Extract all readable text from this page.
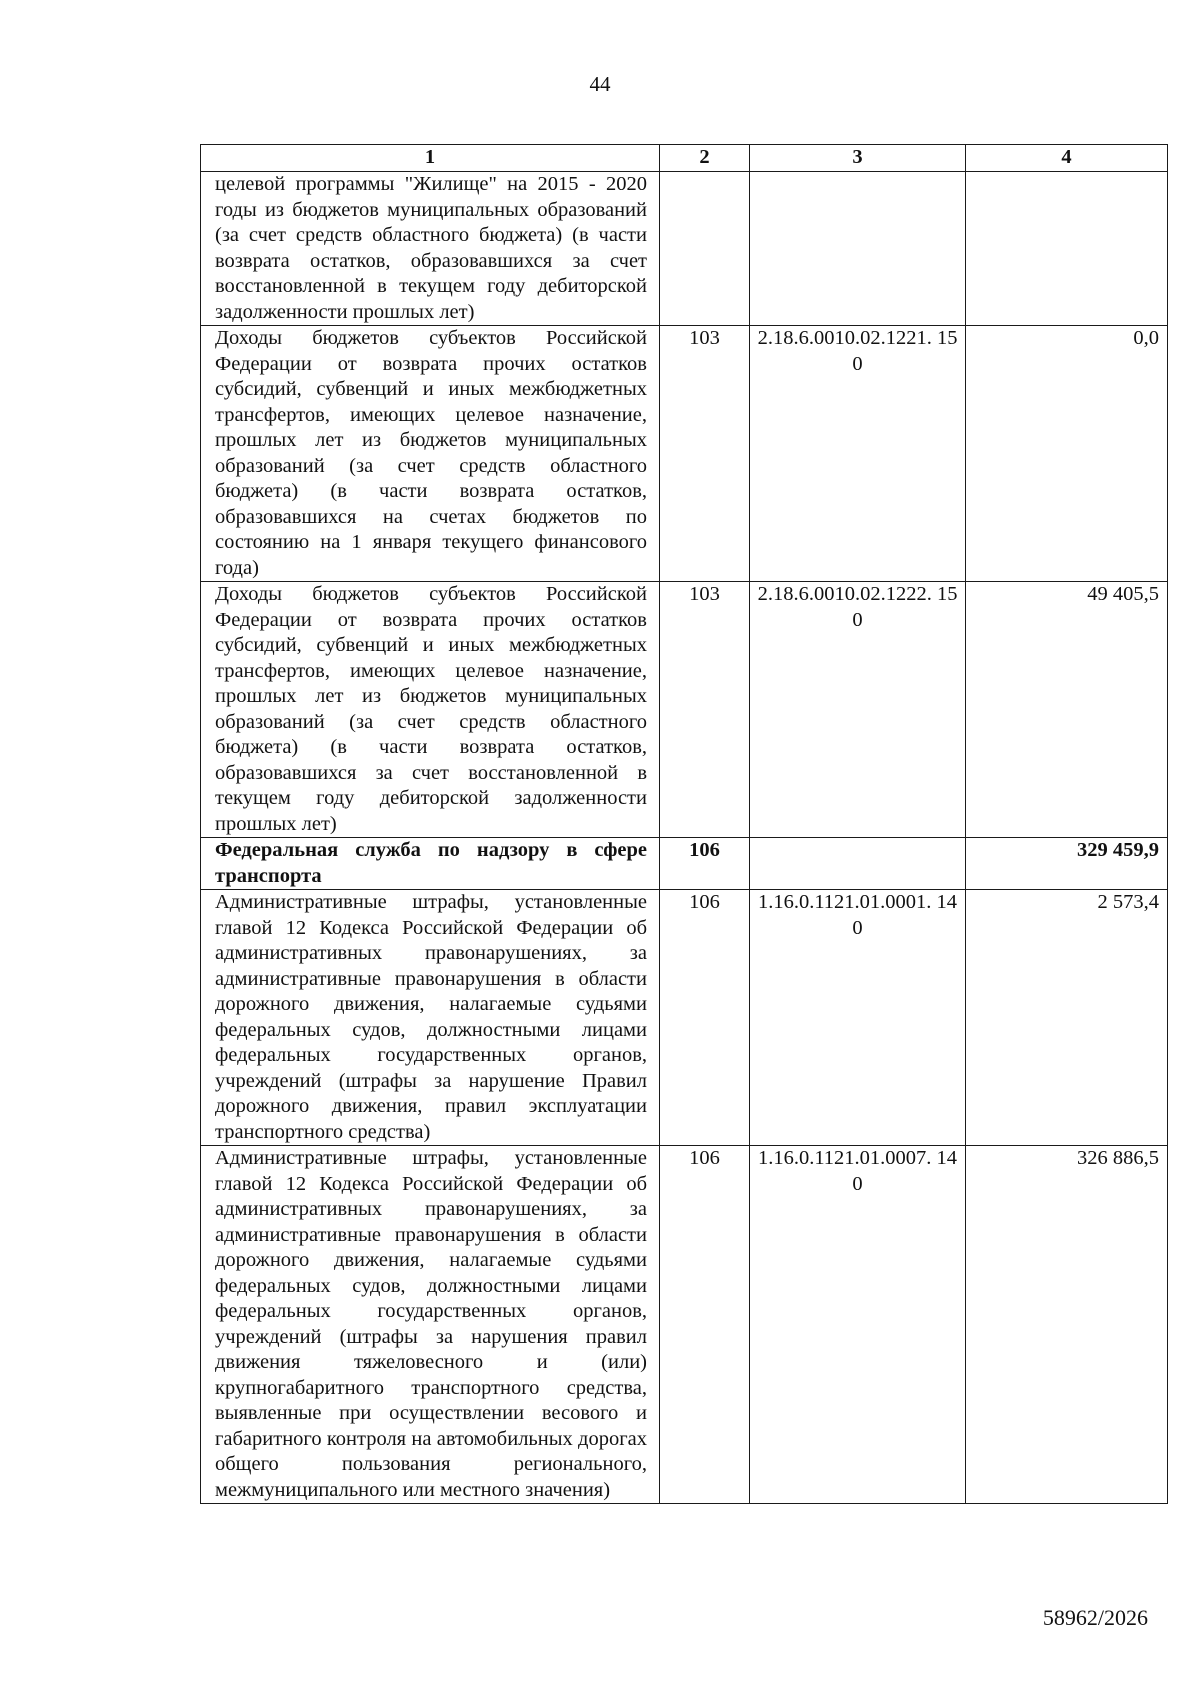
44
1	2	3	4
целевой программы "Жилище" на 2015 - 2020 годы из бюджетов муниципальных образований (за счет средств областного бюджета) (в части возврата остатков, образовавшихся за счет восстановленной в текущем году дебиторской задолженности прошлых лет)			
Доходы бюджетов субъектов Российской Федерации от возврата прочих остатков субсидий, субвенций и иных межбюджетных трансфертов, имеющих целевое назначение, прошлых лет из бюджетов муниципальных образований (за счет средств областного бюджета) (в части возврата остатков, образовавшихся на счетах бюджетов по состоянию на 1 января текущего финансового года)	103	2.18.6.0010.02.1221. 150	0,0
Доходы бюджетов субъектов Российской Федерации от возврата прочих остатков субсидий, субвенций и иных межбюджетных трансфертов, имеющих целевое назначение, прошлых лет из бюджетов муниципальных образований (за счет средств областного бюджета) (в части возврата остатков, образовавшихся за счет восстановленной в текущем году дебиторской задолженности прошлых лет)	103	2.18.6.0010.02.1222. 150	49 405,5
Федеральная служба по надзору в сфере транспорта	106		329 459,9
Административные штрафы, установленные главой 12 Кодекса Российской Федерации об административных правонарушениях, за административные правонарушения в области дорожного движения, налагаемые судьями федеральных судов, должностными лицами федеральных государственных органов, учреждений (штрафы за нарушение Правил дорожного движения, правил эксплуатации транспортного средства)	106	1.16.0.1121.01.0001. 140	2 573,4
Административные штрафы, установленные главой 12 Кодекса Российской Федерации об административных правонарушениях, за административные правонарушения в области дорожного движения, налагаемые судьями федеральных судов, должностными лицами федеральных государственных органов, учреждений (штрафы за нарушения правил движения тяжеловесного и (или) крупногабаритного транспортного средства, выявленные при осуществлении весового и габаритного контроля на автомобильных дорогах общего пользования регионального, межмуниципального или местного значения)	106	1.16.0.1121.01.0007. 140	326 886,5
58962/2026
